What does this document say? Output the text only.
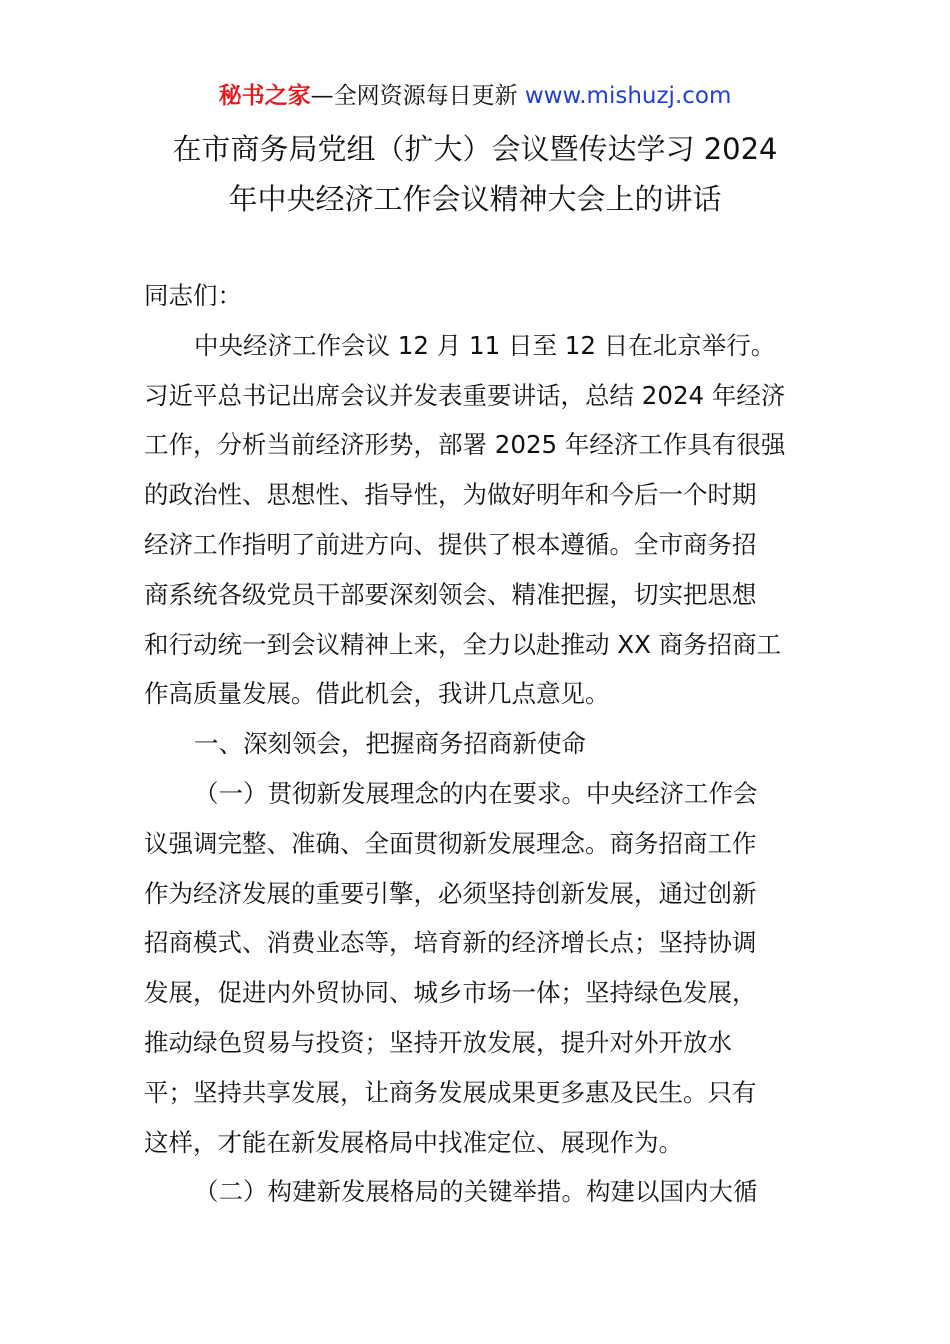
秘书之家—全网资源每日更新 www.mishuzj.com
在市商务局党组（扩大）会议暨传达学习 2024
年中央经济工作会议精神大会上的讲话
同志们：
中央经济工作会议 12 月 11 日至 12 日在北京举行。
习近平总书记出席会议并发表重要讲话，总结 2024 年经济
工作，分析当前经济形势，部署 2025 年经济工作具有很强
的政治性、思想性、指导性，为做好明年和今后一个时期
经济工作指明了前进方向、提供了根本遵循。全市商务招
商系统各级党员干部要深刻领会、精准把握，切实把思想
和行动统一到会议精神上来，全力以赴推动 XX 商务招商工
作高质量发展。借此机会，我讲几点意见。
一、深刻领会，把握商务招商新使命
（一）贯彻新发展理念的内在要求。中央经济工作会
议强调完整、准确、全面贯彻新发展理念。商务招商工作
作为经济发展的重要引擎，必须坚持创新发展，通过创新
招商模式、消费业态等，培育新的经济增长点；坚持协调
发展，促进内外贸协同、城乡市场一体；坚持绿色发展，
推动绿色贸易与投资；坚持开放发展，提升对外开放水
平；坚持共享发展，让商务发展成果更多惠及民生。只有
这样，才能在新发展格局中找准定位、展现作为。
（二）构建新发展格局的关键举措。构建以国内大循
